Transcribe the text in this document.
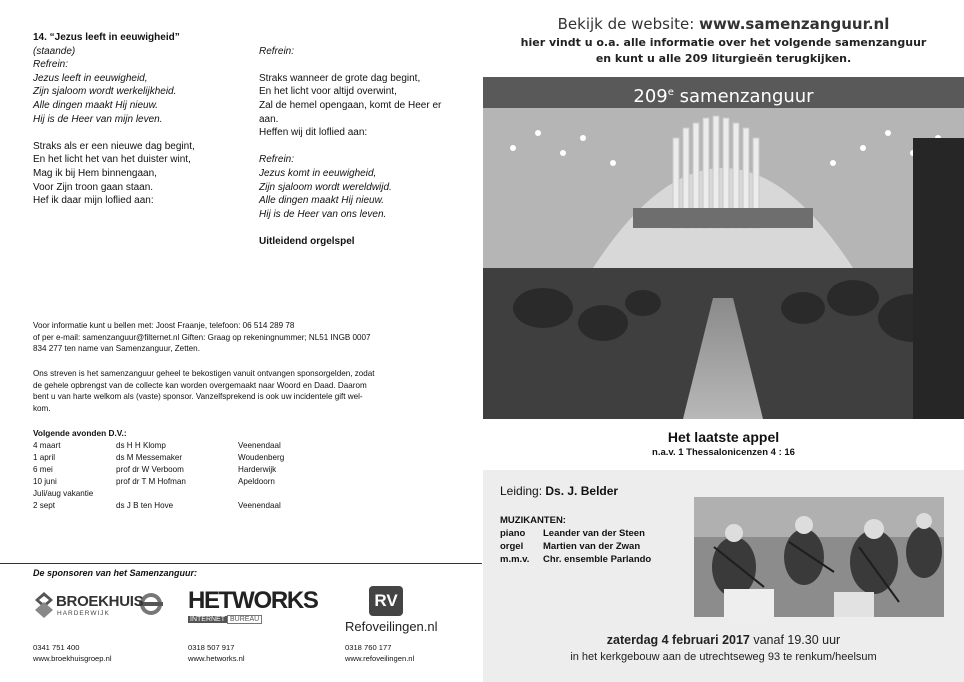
14. “Jezus leeft in eeuwigheid”
(staande)
Refrein:
Jezus leeft in eeuwigheid,
Zijn sjaloom wordt werkelijkheid.
Alle dingen maakt Hij nieuw.
Hij is de Heer van mijn leven.
Straks als er een nieuwe dag begint,
En het licht het van het duister wint,
Mag ik bij Hem binnengaan,
Voor Zijn troon gaan staan.
Hef ik daar mijn loflied aan:
Refrein:
Straks wanneer de grote dag begint,
En het licht voor altijd overwint,
Zal de hemel opengaan, komt de Heer er
aan.
Heffen wij dit loflied aan:
Refrein:
Jezus komt in eeuwigheid,
Zijn sjaloom wordt wereldwijd.
Alle dingen maakt Hij nieuw.
Hij is de Heer van ons leven.
Uitleidend orgelspel
Voor informatie kunt u bellen met: Joost Fraanje, telefoon: 06 514 289 78
of per e-mail: samenzanguur@filternet.nl Giften: Graag op rekeningnummer; NL51 INGB 0007
834 277 ten name van Samenzanguur, Zetten.
Ons streven is het samenzanguur geheel te bekostigen vanuit ontvangen sponsorgelden, zodat
de gehele opbrengst van de collecte kan worden overgemaakt naar Woord en Daad. Daarom
bent u van harte welkom als (vaste) sponsor. Vanzelfsprekend is ook uw incidentele gift wel-
kom.
Volgende avonden D.V.:
4 maart	ds H H Klomp	Veenendaal
1 april	ds M Messemaker	Woudenberg
6 mei	prof dr W Verboom	Harderwijk
10 juni	prof dr T M Hofman	Apeldoorn
Juli/aug vakantie
2 sept	ds J B ten Hove	Veenendaal
De sponsoren van het Samenzanguur:
BROEKHUIS
HARDERWIJK
0341 751 400
www.broekhuisgroep.nl
HETWORKS
INTERNET BUREAU
0318 507 917
www.hetworks.nl
RV
Refoveilingen.nl
0318 760 177
www.refoveilingen.nl
Bekijk de website: www.samenzanguur.nl
hier vindt u o.a. alle informatie over het volgende samenzanguur
en kunt u alle 209 liturgieën terugkijken.
209e samenzanguur
Het laatste appel
n.a.v. 1 Thessalonicenzen 4 : 16
Leiding: Ds. J. Belder
MUZIKANTEN:
piano Leander van der Steen
orgel Martien van der Zwan
m.m.v. Chr. ensemble Parlando
zaterdag 4 februari 2017 vanaf 19.30 uur
in het kerkgebouw aan de utrechtseweg 93 te renkum/heelsum
